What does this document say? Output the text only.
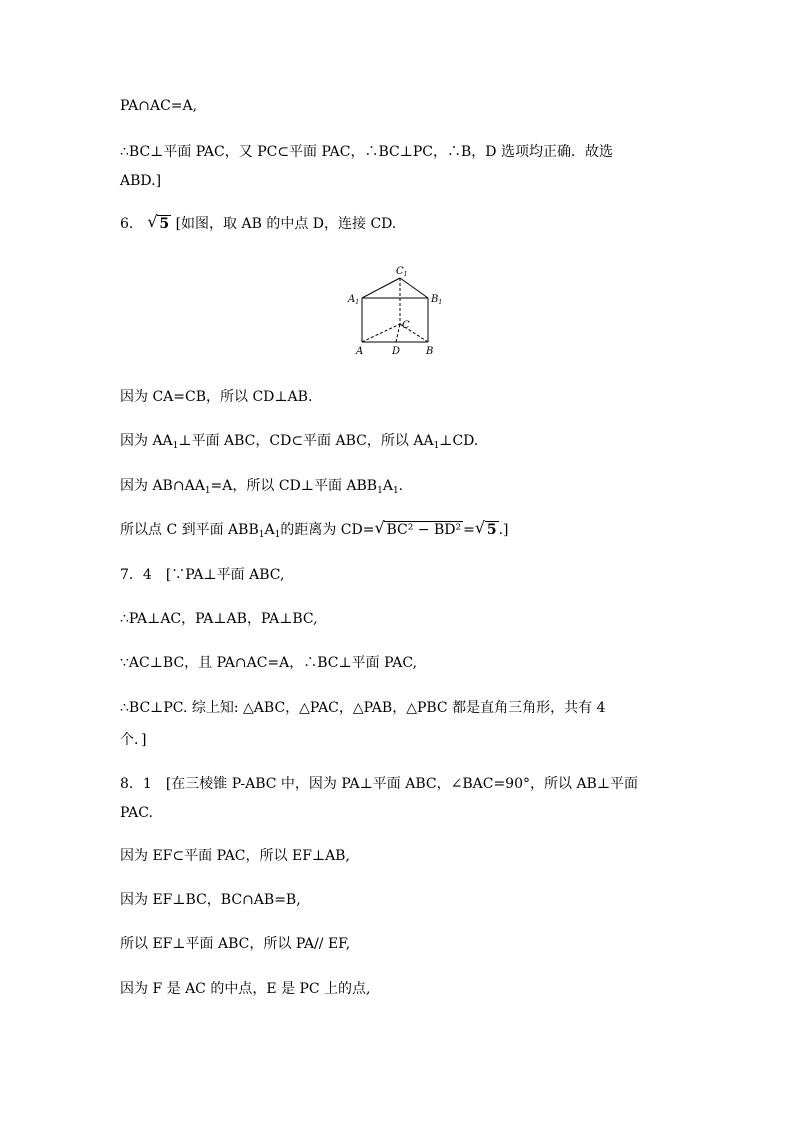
PA∩AC=A,
∴BC⊥平面 PAC，又 PC⊂平面 PAC，∴BC⊥PC，∴B，D 选项均正确．故选
ABD.]
6． √ 5 [如图，取 AB 的中点 D，连接 CD.
$C_1$
$A_1$	$B_1$
C
A	D	B
因为 CA=CB，所以 CD⊥AB.
因为 $AA_1\perp$平面 ABC，CD⊂平面 ABC，所以 $AA_1\perp CD$.
因为 $AB\cap AA_1=A$，所以 CD⊥平面 $ABB_1A_1$.
所以点 C 到平面 $ABB_1A_1$的距离为 CD= √ BC² − BD² = √ 5 .]
7．4　[∵PA⊥平面 ABC,
∴PA⊥AC，PA⊥AB，PA⊥BC,
∵AC⊥BC，且 PA∩AC=A，∴BC⊥平面 PAC,
∴BC⊥PC. 综上知: △ABC，△PAC，△PAB，△PBC 都是直角三角形，共有 4
个．]
8．1　[在三棱锥 P-ABC 中，因为 PA⊥平面 ABC，∠BAC=90°，所以 AB⊥平面
PAC.
因为 EF⊂平面 PAC，所以 EF⊥AB,
因为 EF⊥BC，BC∩AB=B,
所以 EF⊥平面 ABC，所以 PA// EF,
因为 F 是 AC 的中点，E 是 PC 上的点,
